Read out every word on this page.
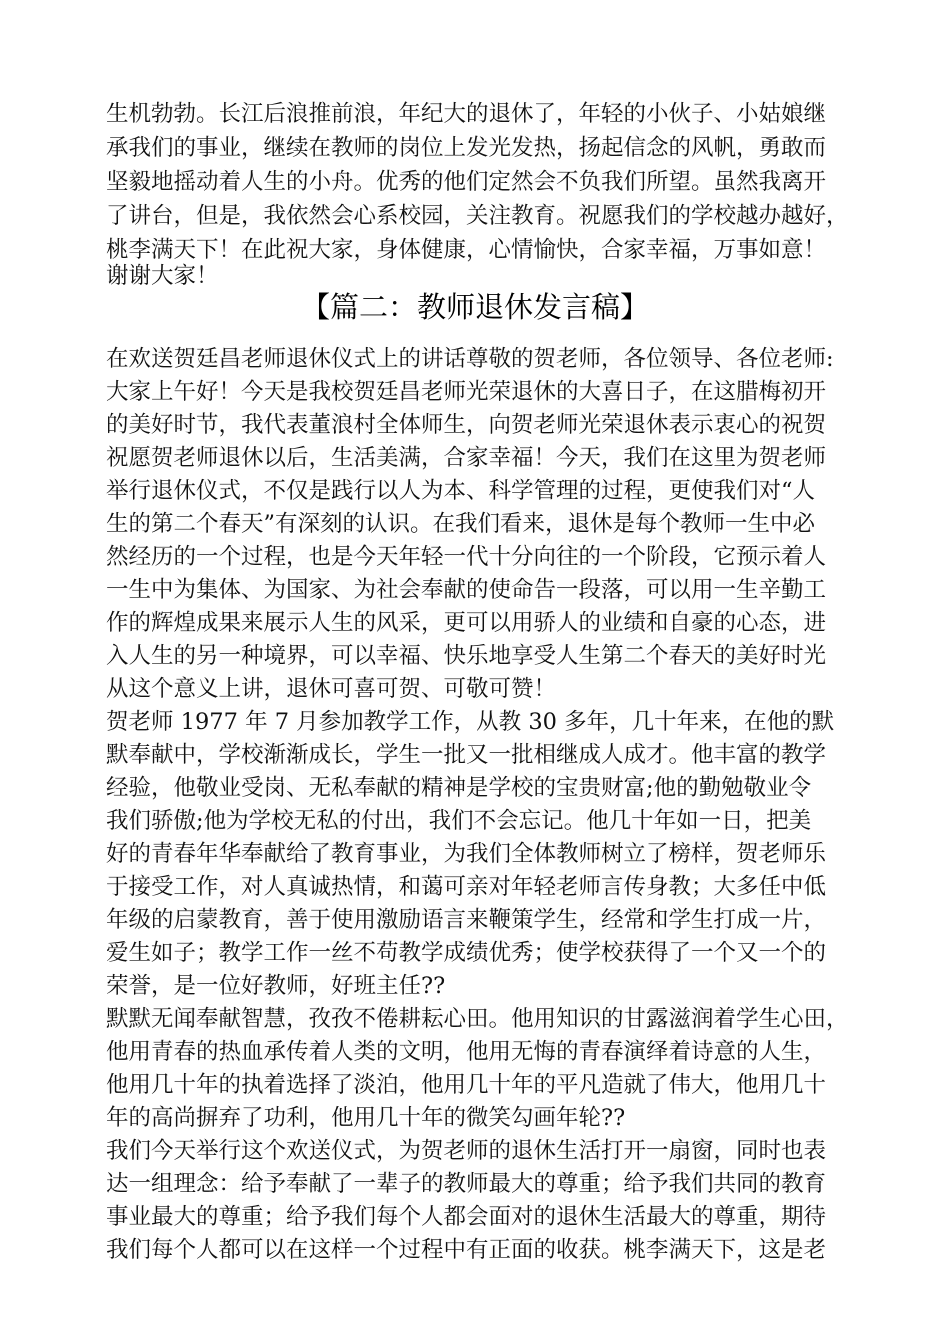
生机勃勃。长江后浪推前浪，年纪大的退休了，年轻的小伙子、小姑娘继
承我们的事业，继续在教师的岗位上发光发热，扬起信念的风帆，勇敢而
坚毅地摇动着人生的小舟。优秀的他们定然会不负我们所望。虽然我离开
了讲台，但是，我依然会心系校园，关注教育。祝愿我们的学校越办越好，
桃李满天下！在此祝大家，身体健康，心情愉快，合家幸福，万事如意！
谢谢大家！
【篇二：教师退休发言稿】
在欢送贺廷昌老师退休仪式上的讲话尊敬的贺老师，各位领导、各位老师:
大家上午好！今天是我校贺廷昌老师光荣退休的大喜日子，在这腊梅初开
的美好时节，我代表董浪村全体师生，向贺老师光荣退休表示衷心的祝贺
祝愿贺老师退休以后，生活美满，合家幸福！今天，我们在这里为贺老师
举行退休仪式，不仅是践行以人为本、科学管理的过程，更使我们对“人
生的第二个春天”有深刻的认识。在我们看来，退休是每个教师一生中必
然经历的一个过程，也是今天年轻一代十分向往的一个阶段，它预示着人
一生中为集体、为国家、为社会奉献的使命告一段落，可以用一生辛勤工
作的辉煌成果来展示人生的风采，更可以用骄人的业绩和自豪的心态，进
入人生的另一种境界，可以幸福、快乐地享受人生第二个春天的美好时光
从这个意义上讲，退休可喜可贺、可敬可赞！
贺老师 1977 年 7 月参加教学工作，从教 30 多年，几十年来，在他的默
默奉献中，学校渐渐成长，学生一批又一批相继成人成才。他丰富的教学
经验，他敬业受岗、无私奉献的精神是学校的宝贵财富;他的勤勉敬业令
我们骄傲;他为学校无私的付出，我们不会忘记。他几十年如一日，把美
好的青春年华奉献给了教育事业，为我们全体教师树立了榜样，贺老师乐
于接受工作，对人真诚热情，和蔼可亲对年轻老师言传身教；大多任中低
年级的启蒙教育，善于使用激励语言来鞭策学生，经常和学生打成一片，
爱生如子；教学工作一丝不苟教学成绩优秀；使学校获得了一个又一个的
荣誉，是一位好教师，好班主任??
默默无闻奉献智慧，孜孜不倦耕耘心田。他用知识的甘露滋润着学生心田，
他用青春的热血承传着人类的文明，他用无悔的青春演绎着诗意的人生，
他用几十年的执着选择了淡泊，他用几十年的平凡造就了伟大，他用几十
年的高尚摒弃了功利，他用几十年的微笑勾画年轮??
我们今天举行这个欢送仪式，为贺老师的退休生活打开一扇窗，同时也表
达一组理念：给予奉献了一辈子的教师最大的尊重；给予我们共同的教育
事业最大的尊重；给予我们每个人都会面对的退休生活最大的尊重，期待
我们每个人都可以在这样一个过程中有正面的收获。桃李满天下，这是老
